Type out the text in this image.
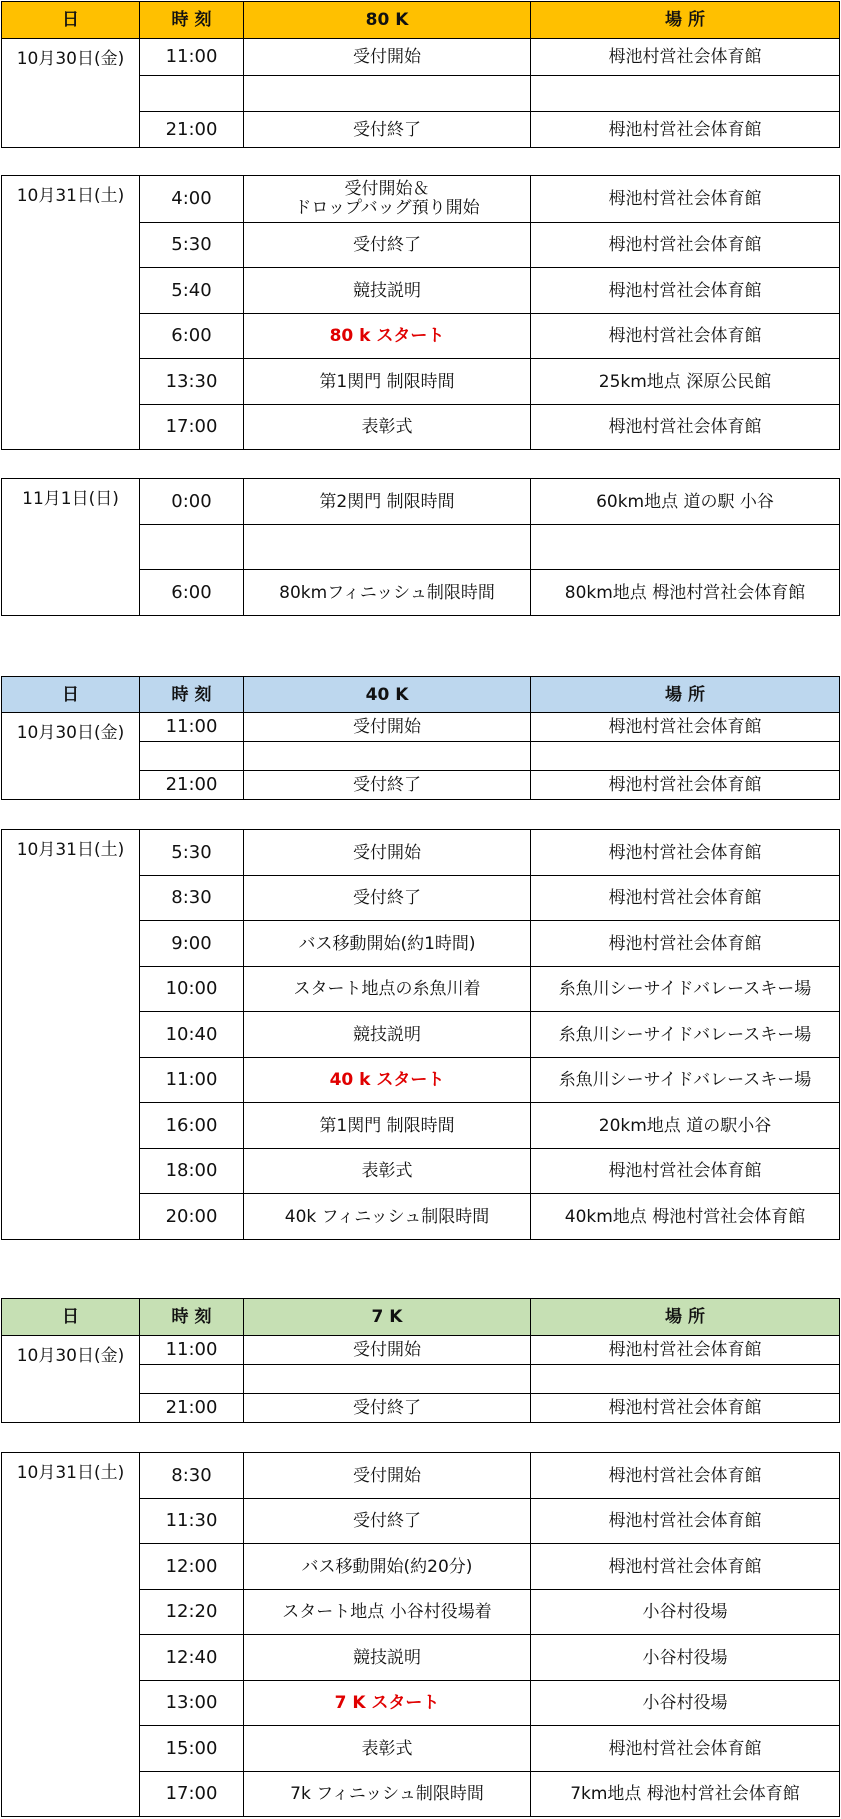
日	時 刻	80 K	場 所
10月30日(金)	11:00	受付開始	栂池村営社会体育館

	21:00	受付終了	栂池村営社会体育館
10月31日(土)	4:00	受付開始＆
ドロップバッグ預り開始	栂池村営社会体育館
	5:30	受付終了	栂池村営社会体育館
	5:40	競技説明	栂池村営社会体育館
	6:00	80 k スタート	栂池村営社会体育館
	13:30	第1関門 制限時間	25km地点 深原公民館
	17:00	表彰式	栂池村営社会体育館
11月1日(日)	0:00	第2関門 制限時間	60km地点 道の駅 小谷

	6:00	80kmフィニッシュ制限時間	80km地点 栂池村営社会体育館
日	時 刻	40 K	場 所
10月30日(金)	11:00	受付開始	栂池村営社会体育館

	21:00	受付終了	栂池村営社会体育館
10月31日(土)	5:30	受付開始	栂池村営社会体育館
	8:30	受付終了	栂池村営社会体育館
	9:00	バス移動開始(約1時間)	栂池村営社会体育館
	10:00	スタート地点の糸魚川着	糸魚川シーサイドバレースキー場
	10:40	競技説明	糸魚川シーサイドバレースキー場
	11:00	40 k スタート	糸魚川シーサイドバレースキー場
	16:00	第1関門 制限時間	20km地点 道の駅小谷
	18:00	表彰式	栂池村営社会体育館
	20:00	40k フィニッシュ制限時間	40km地点 栂池村営社会体育館
日	時 刻	7 K	場 所
10月30日(金)	11:00	受付開始	栂池村営社会体育館

	21:00	受付終了	栂池村営社会体育館
10月31日(土)	8:30	受付開始	栂池村営社会体育館
	11:30	受付終了	栂池村営社会体育館
	12:00	バス移動開始(約20分)	栂池村営社会体育館
	12:20	スタート地点 小谷村役場着	小谷村役場
	12:40	競技説明	小谷村役場
	13:00	7 K スタート	小谷村役場
	15:00	表彰式	栂池村営社会体育館
	17:00	7k フィニッシュ制限時間	7km地点 栂池村営社会体育館
